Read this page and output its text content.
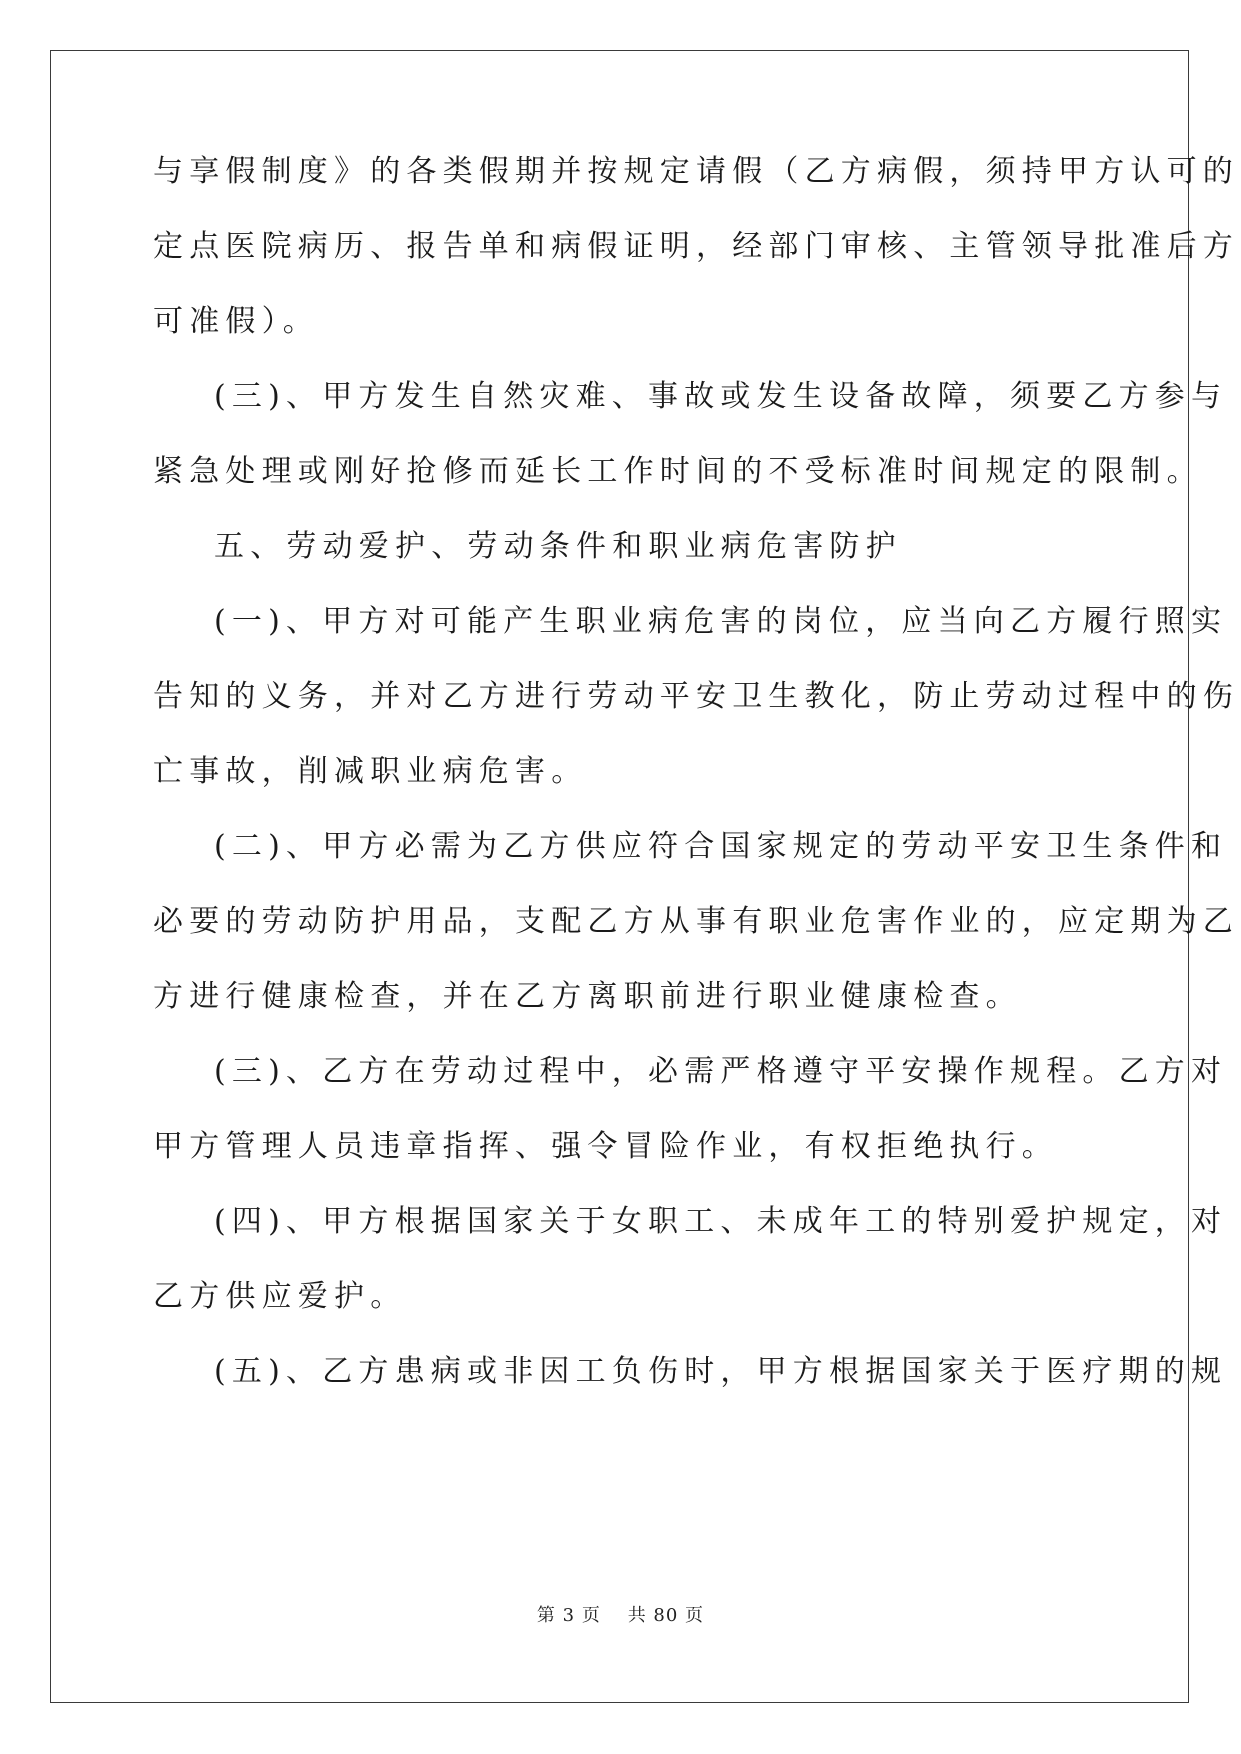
与享假制度》的各类假期并按规定请假（乙方病假，须持甲方认可的
定点医院病历、报告单和病假证明，经部门审核、主管领导批准后方
可准假）。
(三)、甲方发生自然灾难、事故或发生设备故障，须要乙方参与
紧急处理或刚好抢修而延长工作时间的不受标准时间规定的限制。
五、劳动爱护、劳动条件和职业病危害防护
(一)、甲方对可能产生职业病危害的岗位，应当向乙方履行照实
告知的义务，并对乙方进行劳动平安卫生教化，防止劳动过程中的伤
亡事故，削减职业病危害。
(二)、甲方必需为乙方供应符合国家规定的劳动平安卫生条件和
必要的劳动防护用品，支配乙方从事有职业危害作业的，应定期为乙
方进行健康检查，并在乙方离职前进行职业健康检查。
(三)、乙方在劳动过程中，必需严格遵守平安操作规程。乙方对
甲方管理人员违章指挥、强令冒险作业，有权拒绝执行。
(四)、甲方根据国家关于女职工、未成年工的特别爱护规定，对
乙方供应爱护。
(五)、乙方患病或非因工负伤时，甲方根据国家关于医疗期的规
第 3 页    共 80 页
